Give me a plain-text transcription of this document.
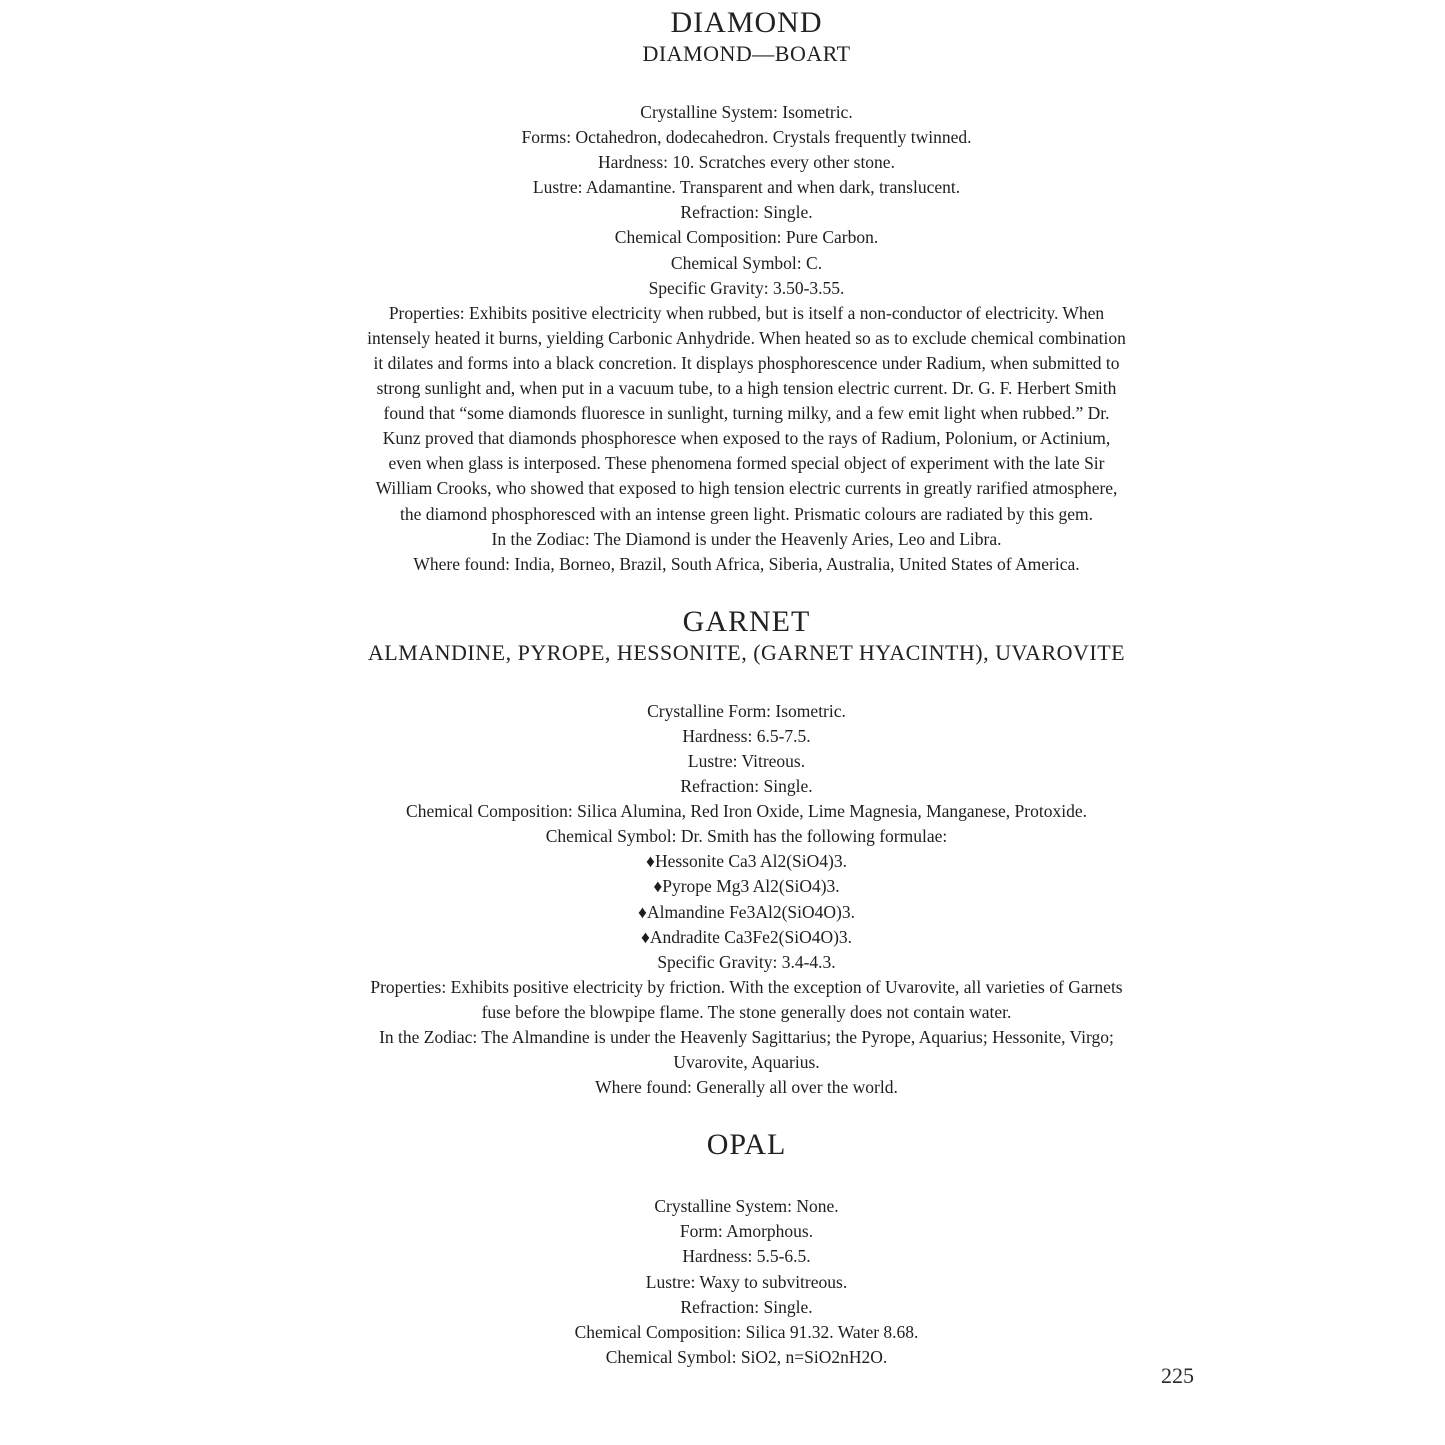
DIAMOND
DIAMOND—BOART

Crystalline System: Isometric.

Forms: Octahedron, dodecahedron. Crystals frequently twinned.

Hardness: 10. Scratches every other stone.

Lustre: Adamantine. Transparent and when dark, translucent.

Refraction: Single.

Chemical Composition: Pure Carbon.

Chemical Symbol: C.

Specific Gravity: 3.50-3.55.

Properties: Exhibits positive electricity when rubbed, but is itself a non-conductor of electricity. When

intensely heated it burns, yielding Carbonic Anhydride. When heated so as to exclude chemical combination

it dilates and forms into a black concretion. It displays phosphorescence under Radium, when submitted to

strong sunlight and, when put in a vacuum tube, to a high tension electric current. Dr. G. F. Herbert Smith

found that “some diamonds fluoresce in sunlight, turning milky, and a few emit light when rubbed.” Dr.

Kunz proved that diamonds phosphoresce when exposed to the rays of Radium, Polonium, or Actinium,

even when glass is interposed. These phenomena formed special object of experiment with the late Sir

William Crooks, who showed that exposed to high tension electric currents in greatly rarified atmosphere,

the diamond phosphoresced with an intense green light. Prismatic colours are radiated by this gem.

In the Zodiac: The Diamond is under the Heavenly Aries, Leo and Libra.

Where found: India, Borneo, Brazil, South Africa, Siberia, Australia, United States of America.

GARNET
ALMANDINE, PYROPE, HESSONITE, (GARNET HYACINTH), UVAROVITE

Crystalline Form: Isometric.

Hardness: 6.5-7.5.

Lustre: Vitreous.

Refraction: Single.

Chemical Composition: Silica Alumina, Red Iron Oxide, Lime Magnesia, Manganese, Protoxide.

Chemical Symbol: Dr. Smith has the following formulae:

♦Hessonite Ca3 Al2(SiO4)3.

♦Pyrope Mg3 Al2(SiO4)3.

♦Almandine Fe3Al2(SiO4O)3.

♦Andradite Ca3Fe2(SiO4O)3.

Specific Gravity: 3.4-4.3.

Properties: Exhibits positive electricity by friction. With the exception of Uvarovite, all varieties of Garnets

fuse before the blowpipe flame. The stone generally does not contain water.

In the Zodiac: The Almandine is under the Heavenly Sagittarius; the Pyrope, Aquarius; Hessonite, Virgo;

Uvarovite, Aquarius.

Where found: Generally all over the world.

OPAL

Crystalline System: None.

Form: Amorphous.

Hardness: 5.5-6.5.

Lustre: Waxy to subvitreous.

Refraction: Single.

Chemical Composition: Silica 91.32. Water 8.68.

Chemical Symbol: SiO2, n=SiO2nH2O.

225
